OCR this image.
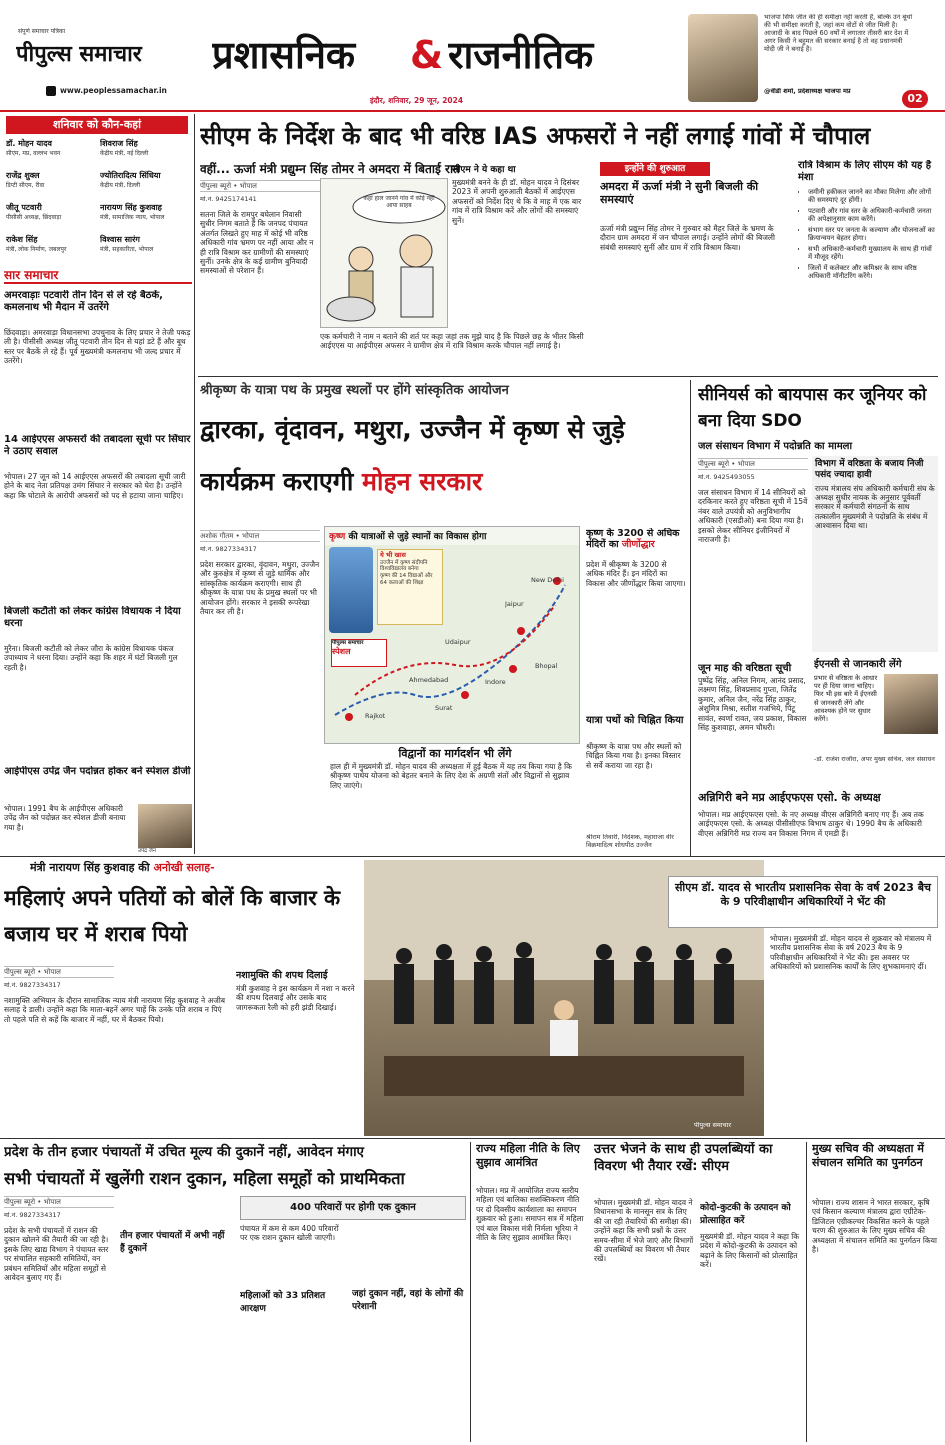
संपूर्ण समाचार पत्रिका
पीपुल्स समाचार
www.peoplessamachar.in
प्रशासनिक	& राजनीतिक
इंदौर, शनिवार, 29 जून, 2024
भाजपा सिर्फ जीत की ही समीक्षा नहीं करती है, बल्कि उन बूथों की भी समीक्षा करती है, जहां कम वोटों से जीत मिली है। आजादी के बाद पिछले 60 वर्षों में लगातार तीसरी बार देश में अगर किसी ने बहुमत की सरकार बनाई है तो वह प्रधानमंत्री मोदी जी ने बनाई है।
@वीडी शर्मा, प्रदेशाध्यक्ष भाजपा मप्र
02
शनिवार को कौन-कहां
डॉ. मोहन यादव
सीएम, मप्र, वल्लभ भवन
शिवराज सिंह
केंद्रीय मंत्री, नई दिल्ली
राजेंद्र शुक्ल
डिप्टी सीएम, रीवा
ज्योतिरादित्य सिंधिया
केंद्रीय मंत्री, दिल्ली
जीतू पटवारी
पीसीसी अध्यक्ष, छिंदवाड़ा
नारायण सिंह कुशवाह
मंत्री, सामाजिक न्याय, भोपाल
राकेश सिंह
मंत्री, लोक निर्माण, जबलपुर
विश्वास सारंग
मंत्री, सहकारिता, भोपाल
सार समाचार
अमरवाड़ाः पटवारी तीन दिन से ले रहे बैठकें, कमलनाथ भी मैदान में उतरेंगे
छिंदवाड़ा। अमरवाड़ा विधानसभा उपचुनाव के लिए प्रचार ने तेजी पकड़ ली है। पीसीसी अध्यक्ष जीतू पटवारी तीन दिन से यहां डटे हैं और बूथ स्तर पर बैठकें ले रहे हैं। पूर्व मुख्यमंत्री कमलनाथ भी जल्द प्रचार में उतरेंगे।
14 आईएएस अफसरों की तबादला सूची पर सिंघार ने उठाए सवाल
भोपाल। 27 जून को 14 आईएएस अफसरों की तबादला सूची जारी होने के बाद नेता प्रतिपक्ष उमंग सिंघार ने सरकार को घेरा है। उन्होंने कहा कि घोटाले के आरोपी अफसरों को पद से हटाया जाना चाहिए।
बिजली कटौती को लेकर कांग्रेस विधायक ने दिया धरना
मुरैना। बिजली कटौती को लेकर जौरा के कांग्रेस विधायक पंकज उपाध्याय ने धरना दिया। उन्होंने कहा कि शहर में घंटों बिजली गुल रहती है।
आईपीएस उपेंद्र जैन पदोन्नत होकर बने स्पेशल डीजी
भोपाल। 1991 बैच के आईपीएस अधिकारी उपेंद्र जैन को पदोन्नत कर स्पेशल डीजी बनाया गया है।
उपेंद्र जैन
सीएम के निर्देश के बाद भी वरिष्ठ IAS अफसरों ने नहीं लगाई गांवों में चौपाल
वहीं... ऊर्जा मंत्री प्रद्युम्न सिंह तोमर ने अमदरा में बिताई रात
पीपुल्स ब्यूरो • भोपाल
मो.नं. 9425174141
सतना जिले के रामपुर बघेलान निवासी सुधीर निगम बताते हैं कि जनपद पंचायत अंतर्गत लिखते हुए माह में कोई भी वरिष्ठ अधिकारी गांव भ्रमण पर नहीं आया और न ही रात्रि विश्राम कर ग्रामीणों की समस्याएं सुनीं। उनके क्षेत्र के कई ग्रामीण बुनियादी समस्याओं से परेशान हैं।
कहां हाल जानने गांव में कोई नहीं आया साहब
एक कर्मचारी ने नाम न बताने की शर्त पर कहा जहां तक मुझे याद है कि पिछले छह के भीतर किसी आईएएस या आईपीएस अफसर ने ग्रामीण क्षेत्र में रात्रि विश्राम करके चौपाल नहीं लगाई है।
सीएम ने ये कहा था
मुख्यमंत्री बनने के ही डॉ. मोहन यादव ने दिसंबर 2023 में अपनी शुरुआती बैठकों में आईएएस अफसरों को निर्देश दिए थे कि वे माह में एक बार गांव में रात्रि विश्राम करें और लोगों की समस्याएं सुनें।
इन्होंने की शुरुआत
अमदरा में ऊर्जा मंत्री ने सुनी बिजली की समस्याएं
ऊर्जा मंत्री प्रद्युम्न सिंह तोमर ने गुरुवार को मैहर जिले के भ्रमण के दौरान ग्राम अमदरा में जन चौपाल लगाई। उन्होंने लोगों की बिजली संबंधी समस्याएं सुनीं और ग्राम में रात्रि विश्राम किया।
रात्रि विश्राम के लिए सीएम की यह है मंशा
• जमीनी हकीकत जानने का मौका मिलेगा और लोगों की समस्याएं दूर होंगी।
• पटवारी और गांव स्तर के अधिकारी-कर्मचारी जनता की अपेक्षानुसार काम करेंगे।
• संभाग स्तर पर जनता के कल्याण और योजनाओं का क्रियान्वयन बेहतर होगा।
• सभी अधिकारी-कर्मचारी मुख्यालय के साथ ही गांवों में मौजूद रहेंगे।
• जिलों में कलेक्टर और कमिश्नर के साथ वरिष्ठ अधिकारी मॉनीटरिंग करेंगे।
श्रीकृष्ण के यात्रा पथ के प्रमुख स्थलों पर होंगे सांस्कृतिक आयोजन
द्वारका, वृंदावन, मथुरा, उज्जैन में कृष्ण से जुड़े कार्यक्रम कराएगी मोहन सरकार
अशोक गौतम • भोपाल
मो.नं. 9827334317
प्रदेश सरकार द्वारका, वृंदावन, मथुरा, उज्जैन और कुरुक्षेत्र में कृष्ण से जुड़े धार्मिक और सांस्कृतिक कार्यक्रम कराएगी। साथ ही श्रीकृष्ण के यात्रा पथ के प्रमुख स्थलों पर भी आयोजन होंगे। सरकार ने इसकी रूपरेखा तैयार कर ली है।
कृष्ण की यात्राओं से जुड़े स्थानों का विकास होगा
ये भी खास
उज्जैन में कृष्ण संदीपनि विश्वविद्यालय बनेगा
कृष्ण की 14 विद्याओं और 64 कलाओं की शिक्षा	New Delhi
Jaipur
Udaipur
Ahmedabad	Indore
Surat
Rajkot
Bhopal
पीपुल्स समाचार
स्पेशल
विद्वानों का मार्गदर्शन भी लेंगे
हाल ही में मुख्यमंत्री डॉ. मोहन यादव की अध्यक्षता में हुई बैठक में यह तय किया गया है कि श्रीकृष्ण पाथेय योजना को बेहतर बनाने के लिए देश के अग्रणी संतों और विद्वानों से सुझाव लिए जाएंगे।
कृष्ण के 3200 से अधिक मंदिरों का जीर्णोद्धार
प्रदेश में श्रीकृष्ण के 3200 से अधिक मंदिर हैं। इन मंदिरों का विकास और जीर्णोद्धार किया जाएगा।
यात्रा पथों को चिह्नित किया
श्रीकृष्ण के यात्रा पथ और स्थलों को चिह्नित किया गया है। इनका विस्तार से सर्वे कराया जा रहा है।
श्रीराम तिवारी, निदेशक, महाराजा वीर विक्रमादित्य शोधपीठ उज्जैन
सीनियर्स को बायपास कर जूनियर को बना दिया SDO
जल संसाधन विभाग में पदोन्नति का मामला
पीपुल्स ब्यूरो • भोपाल
मो.नं. 9425493055
जल संसाधन विभाग में 14 सीनियरों को दरकिनार करते हुए वरिष्ठता सूची में 15वें नंबर वाले उपयंत्री को अनुविभागीय अधिकारी (एसडीओ) बना दिया गया है। इसको लेकर सीनियर इंजीनियरों में नाराजगी है।
विभाग में वरिष्ठता के बजाय निजी पसंद ज्यादा हावी
राज्य मंत्रालय संघ अधिकारी कर्मचारी संघ के अध्यक्ष सुधीर नायक के अनुसार पूर्ववर्ती सरकार में कर्मचारी संगठनों के साथ तत्कालीन मुख्यमंत्री ने पदोन्नति के संबंध में आश्वासन दिया था।
जून माह की वरिष्ठता सूची
पुष्पेंद्र सिंह, अनिल निगम, आनंद प्रसाद, लक्ष्मण सिंह, शिवप्रसाद गुप्ता, जितेंद्र कुमार, अनिल जैन, नरेंद्र सिंह ठाकुर, अंशुमित्र मिश्रा, सतीश गजभिये, पिंटू सावंत, स्वर्णा रावत, जय प्रकाश, विकास सिंह कुशवाहा, अमन चौधरी।
ईएनसी से जानकारी लेंगे
प्रभार से वरिष्ठता के आधार पर ही दिया जाना चाहिए। फिर भी इस बारे में ईएनसी से जानकारी लेंगे और आवश्यक होने पर सुधार करेंगे।
-डॉ. राजेश राजौरा, अपर मुख्य सचिव, जल संसाधन
अन्निगिरी बने मप्र आईएफएस एसो. के अध्यक्ष
भोपाल। मप्र आईएफएस एसो. के नए अध्यक्ष वीएस अन्निगिरी बनाए गए हैं। अब तक आईएफएस एसो. के अध्यक्ष पीसीसीएफ बिभाष ठाकुर थे। 1990 बैच के अधिकारी वीएस अन्निगिरी मप्र राज्य वन विकास निगम में एमडी हैं।
मंत्री नारायण सिंह कुशवाह की अनोखी सलाह-
महिलाएं अपने पतियों को बोलें कि बाजार के बजाय घर में शराब पियो
पीपुल्स ब्यूरो • भोपाल
मो.नं. 9827334317
नशामुक्ति अभियान के दौरान सामाजिक न्याय मंत्री नारायण सिंह कुशवाह ने अजीब सलाह दे डाली। उन्होंने कहा कि माता-बहनें अगर चाहें कि उनके पति शराब न पिएं तो पहले पति से कहें कि बाजार में नहीं, घर में बैठकर पियो।
नशामुक्ति की शपथ दिलाई
मंत्री कुशवाह ने इस कार्यक्रम में नशा न करने की शपथ दिलवाई और उसके बाद जागरूकता रैली को हरी झंडी दिखाई।
पीपुल्स समाचार
सीएम डॉ. यादव से भारतीय प्रशासनिक सेवा के वर्ष 2023 बैच के 9 परिवीक्षाधीन अधिकारियों ने भेंट की
भोपाल। मुख्यमंत्री डॉ. मोहन यादव से शुक्रवार को मंत्रालय में भारतीय प्रशासनिक सेवा के वर्ष 2023 बैच के 9 परिवीक्षाधीन अधिकारियों ने भेंट की। इस अवसर पर अधिकारियों को प्रशासनिक कार्यों के लिए शुभकामनाएं दीं।
प्रदेश के तीन हजार पंचायतों में उचित मूल्य की दुकानें नहीं, आवेदन मंगाए
सभी पंचायतों में खुलेंगी राशन दुकान, महिला समूहों को प्राथमिकता
पीपुल्स ब्यूरो • भोपाल
मो.नं. 9827334317
प्रदेश के सभी पंचायतों में राशन की दुकान खोलने की तैयारी की जा रही है। इसके लिए खाद्य विभाग ने पंचायत स्तर पर संचालित सहकारी समितियों, वन प्रबंधन समितियों और महिला समूहों से आवेदन बुलाए गए हैं।
तीन हजार पंचायतों में अभी नहीं हैं दुकानें
400 परिवारों पर होगी एक दुकान
पंचायत में कम से कम 400 परिवारों पर एक राशन दुकान खोली जाएगी।
महिलाओं को 33 प्रतिशत आरक्षण
जहां दुकान नहीं, वहां के लोगों की परेशानी
राज्य महिला नीति के लिए सुझाव आमंत्रित
भोपाल। मप्र में आयोजित राज्य स्तरीय महिला एवं बालिका सशक्तिकरण नीति पर दो दिवसीय कार्यशाला का समापन शुक्रवार को हुआ। समापन सत्र में महिला एवं बाल विकास मंत्री निर्मला भूरिया ने नीति के लिए सुझाव आमंत्रित किए।
उत्तर भेजने के साथ ही उपलब्धियों का विवरण भी तैयार रखें: सीएम
भोपाल। मुख्यमंत्री डॉ. मोहन यादव ने विधानसभा के मानसून सत्र के लिए की जा रही तैयारियों की समीक्षा की। उन्होंने कहा कि सभी प्रश्नों के उत्तर समय-सीमा में भेजे जाएं और विभागों की उपलब्धियों का विवरण भी तैयार रखें।
कोदो-कुटकी के उत्पादन को प्रोत्साहित करें
मुख्यमंत्री डॉ. मोहन यादव ने कहा कि प्रदेश में कोदो-कुटकी के उत्पादन को बढ़ाने के लिए किसानों को प्रोत्साहित करें।
मुख्य सचिव की अध्यक्षता में संचालन समिति का पुनर्गठन
भोपाल। राज्य शासन ने भारत सरकार, कृषि एवं किसान कल्याण मंत्रालय द्वारा एग्रीटेक-डिजिटल एग्रीकल्चर विकसित करने के पहले चरण की शुरुआत के लिए मुख्य सचिव की अध्यक्षता में संचालन समिति का पुनर्गठन किया है।
